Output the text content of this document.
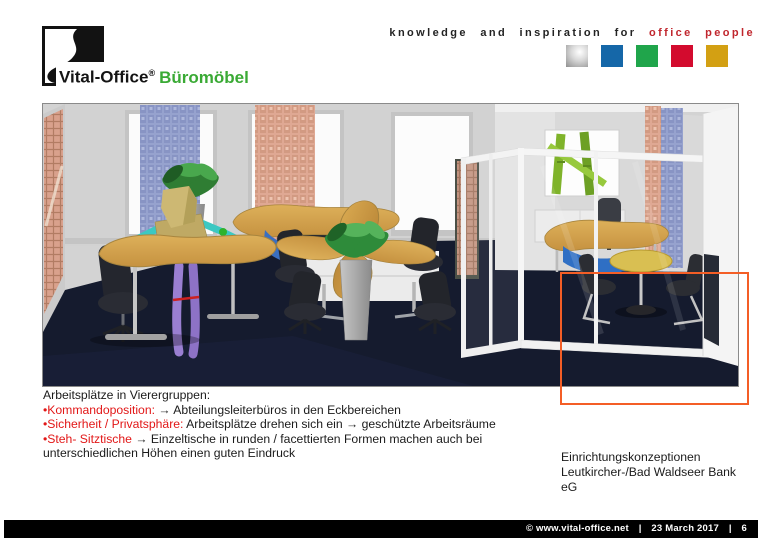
Vital-Office® Büromöbel
knowledge and inspiration for office people
Arbeitsplätze in Vierergruppen:
•Kommandoposition: → Abteilungsleiterbüros in den Eckbereichen
•Sicherheit / Privatsphäre: Arbeitsplätze drehen sich ein → geschützte Arbeitsräume
•Steh- Sitztische → Einzeltische in runden / facettierten Formen machen auch bei
unterschiedlichen Höhen einen guten Eindruck	Einrichtungskonzeptionen
Leutkircher-/Bad Waldseer Bank
eG
© www.vital-office.net | 23 March 2017 | 6
